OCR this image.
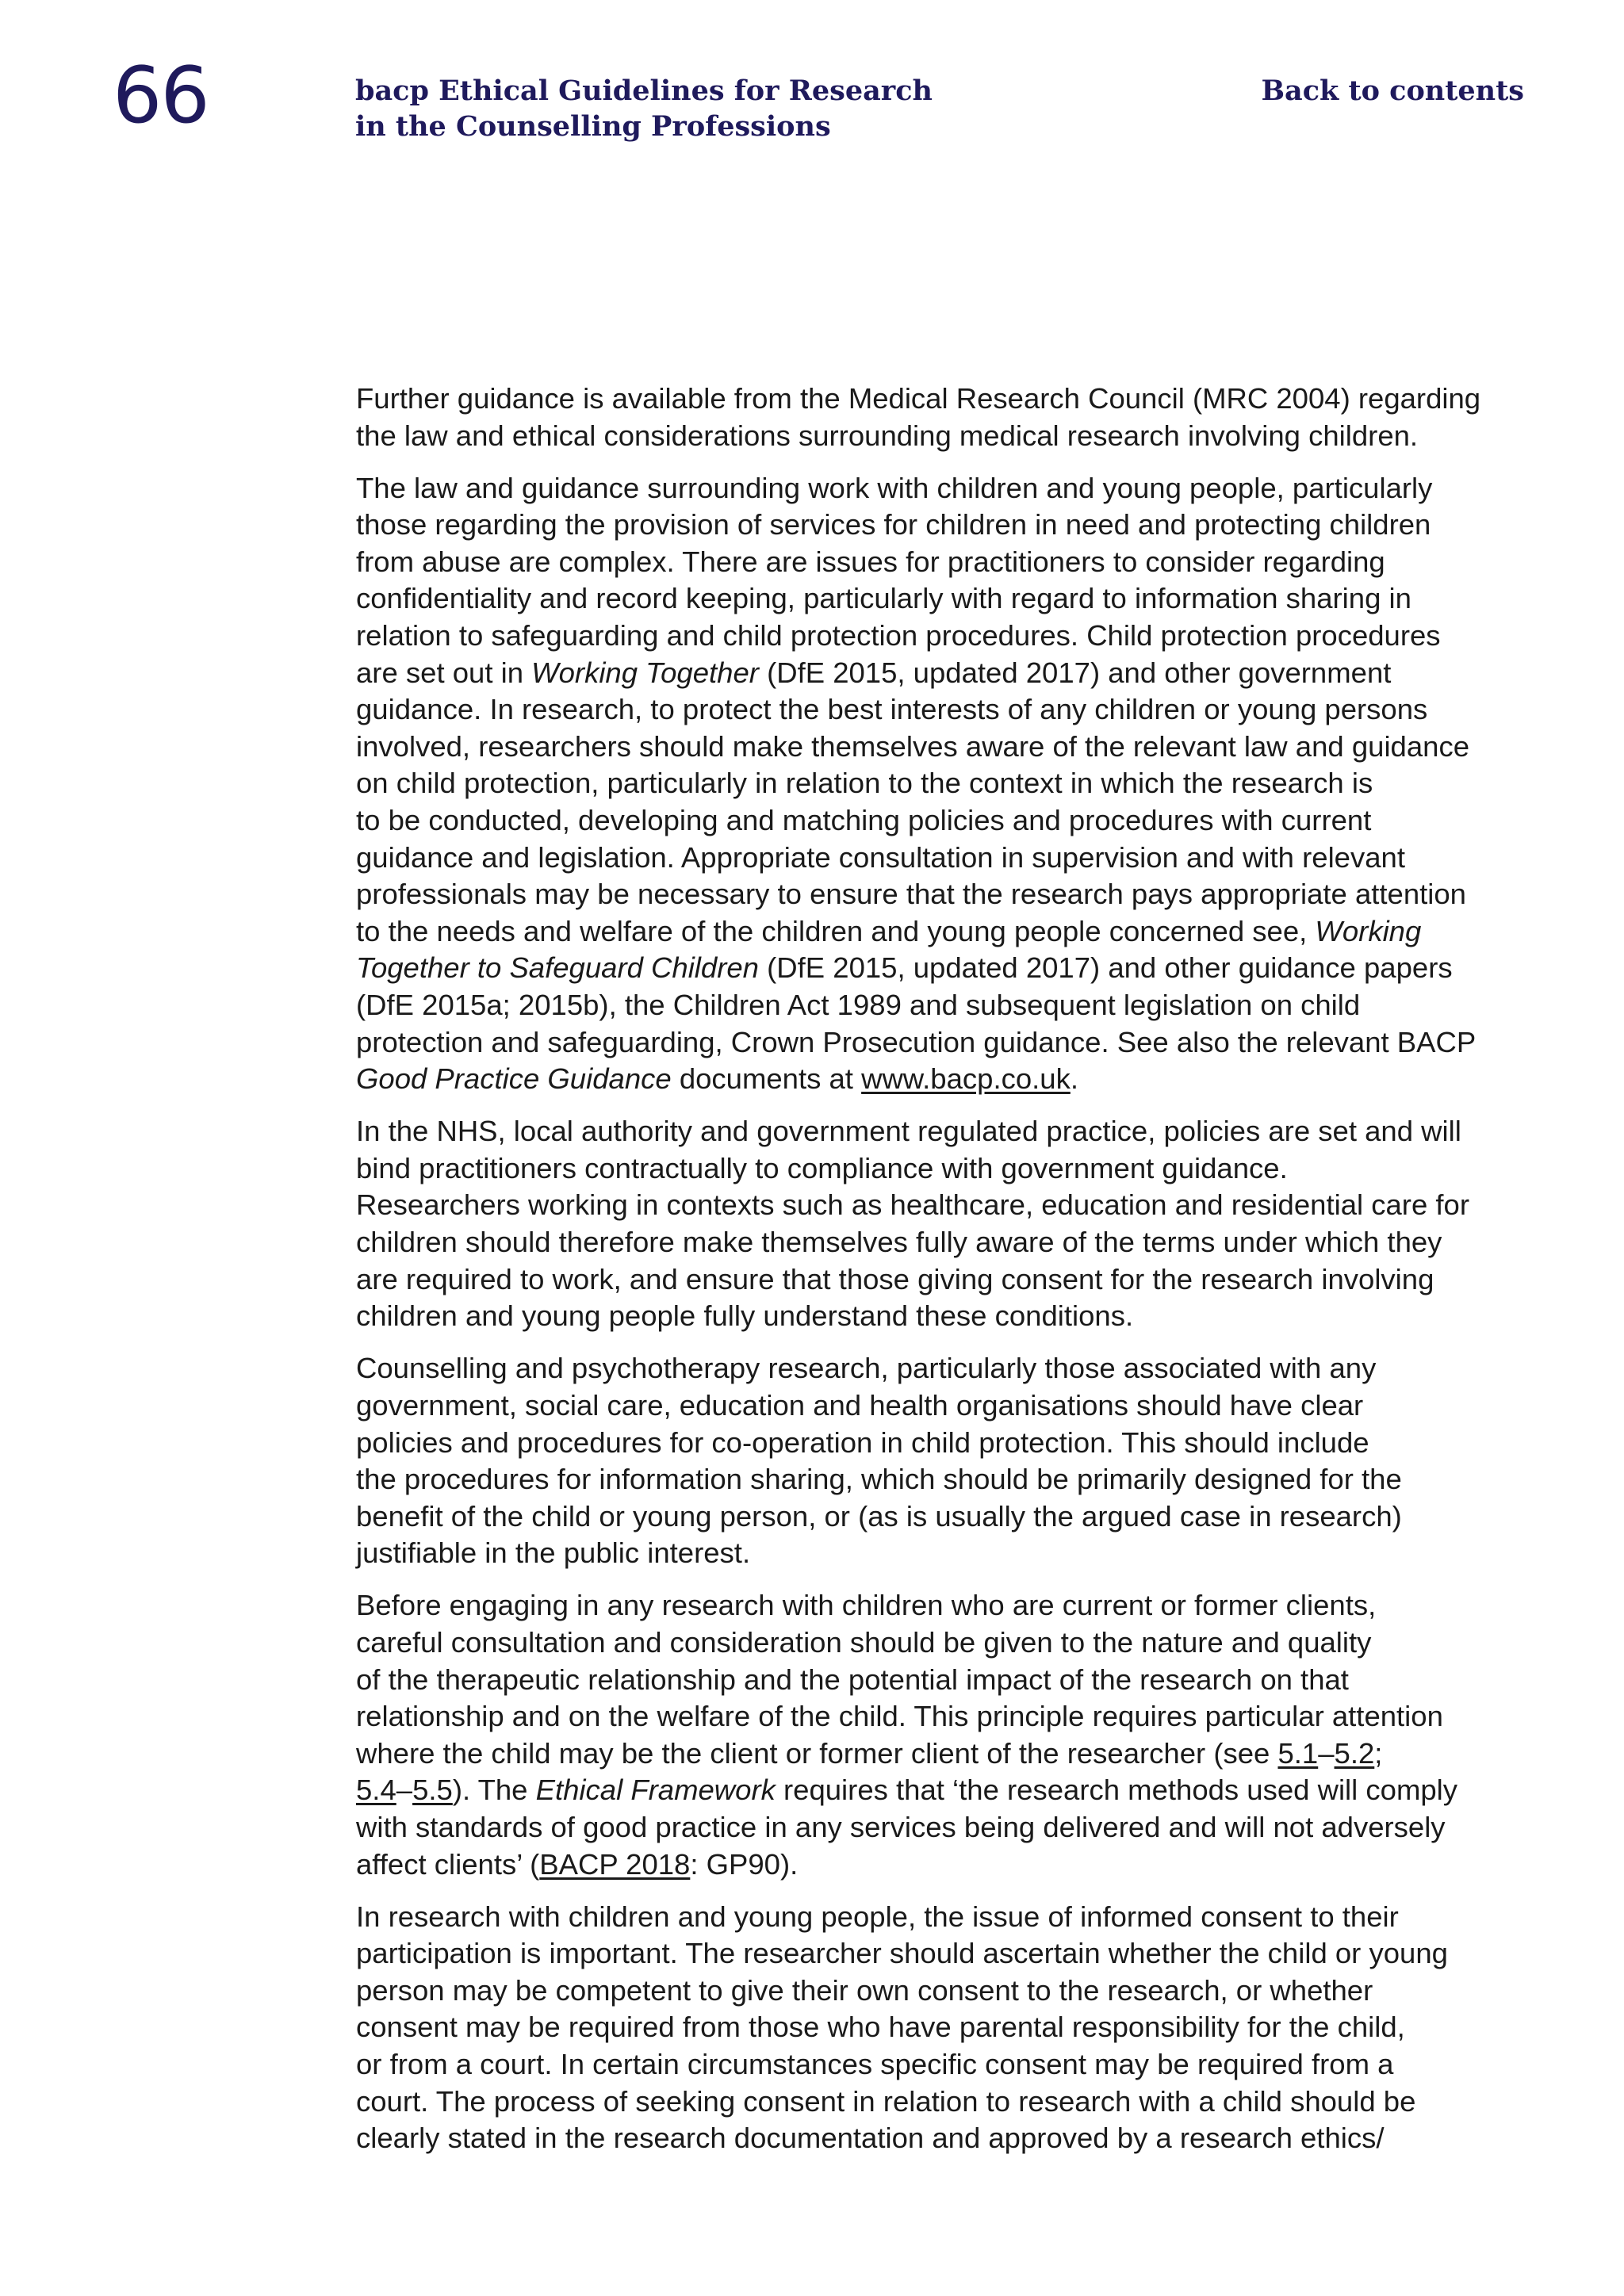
66	bacp Ethical Guidelines for Research
in the Counselling Professions
Back to contents

Further guidance is available from the Medical Research Council (MRC 2004) regarding
the law and ethical considerations surrounding medical research involving children.

The law and guidance surrounding work with children and young people, particularly
those regarding the provision of services for children in need and protecting children
from abuse are complex. There are issues for practitioners to consider regarding
confidentiality and record keeping, particularly with regard to information sharing in
relation to safeguarding and child protection procedures. Child protection procedures
are set out in Working Together (DfE 2015, updated 2017) and other government
guidance. In research, to protect the best interests of any children or young persons
involved, researchers should make themselves aware of the relevant law and guidance
on child protection, particularly in relation to the context in which the research is
to be conducted, developing and matching policies and procedures with current
guidance and legislation. Appropriate consultation in supervision and with relevant
professionals may be necessary to ensure that the research pays appropriate attention
to the needs and welfare of the children and young people concerned see, Working
Together to Safeguard Children (DfE 2015, updated 2017) and other guidance papers
(DfE 2015a; 2015b), the Children Act 1989 and subsequent legislation on child
protection and safeguarding, Crown Prosecution guidance. See also the relevant BACP
Good Practice Guidance documents at www.bacp.co.uk.

In the NHS, local authority and government regulated practice, policies are set and will
bind practitioners contractually to compliance with government guidance.
Researchers working in contexts such as healthcare, education and residential care for
children should therefore make themselves fully aware of the terms under which they
are required to work, and ensure that those giving consent for the research involving
children and young people fully understand these conditions.

Counselling and psychotherapy research, particularly those associated with any
government, social care, education and health organisations should have clear
policies and procedures for co-operation in child protection. This should include
the procedures for information sharing, which should be primarily designed for the
benefit of the child or young person, or (as is usually the argued case in research)
justifiable in the public interest.

Before engaging in any research with children who are current or former clients,
careful consultation and consideration should be given to the nature and quality
of the therapeutic relationship and the potential impact of the research on that
relationship and on the welfare of the child. This principle requires particular attention
where the child may be the client or former client of the researcher (see 5.1–5.2;
5.4–5.5). The Ethical Framework requires that ‘the research methods used will comply
with standards of good practice in any services being delivered and will not adversely
affect clients’ (BACP 2018: GP90).

In research with children and young people, the issue of informed consent to their
participation is important. The researcher should ascertain whether the child or young
person may be competent to give their own consent to the research, or whether
consent may be required from those who have parental responsibility for the child,
or from a court. In certain circumstances specific consent may be required from a
court. The process of seeking consent in relation to research with a child should be
clearly stated in the research documentation and approved by a research ethics/
